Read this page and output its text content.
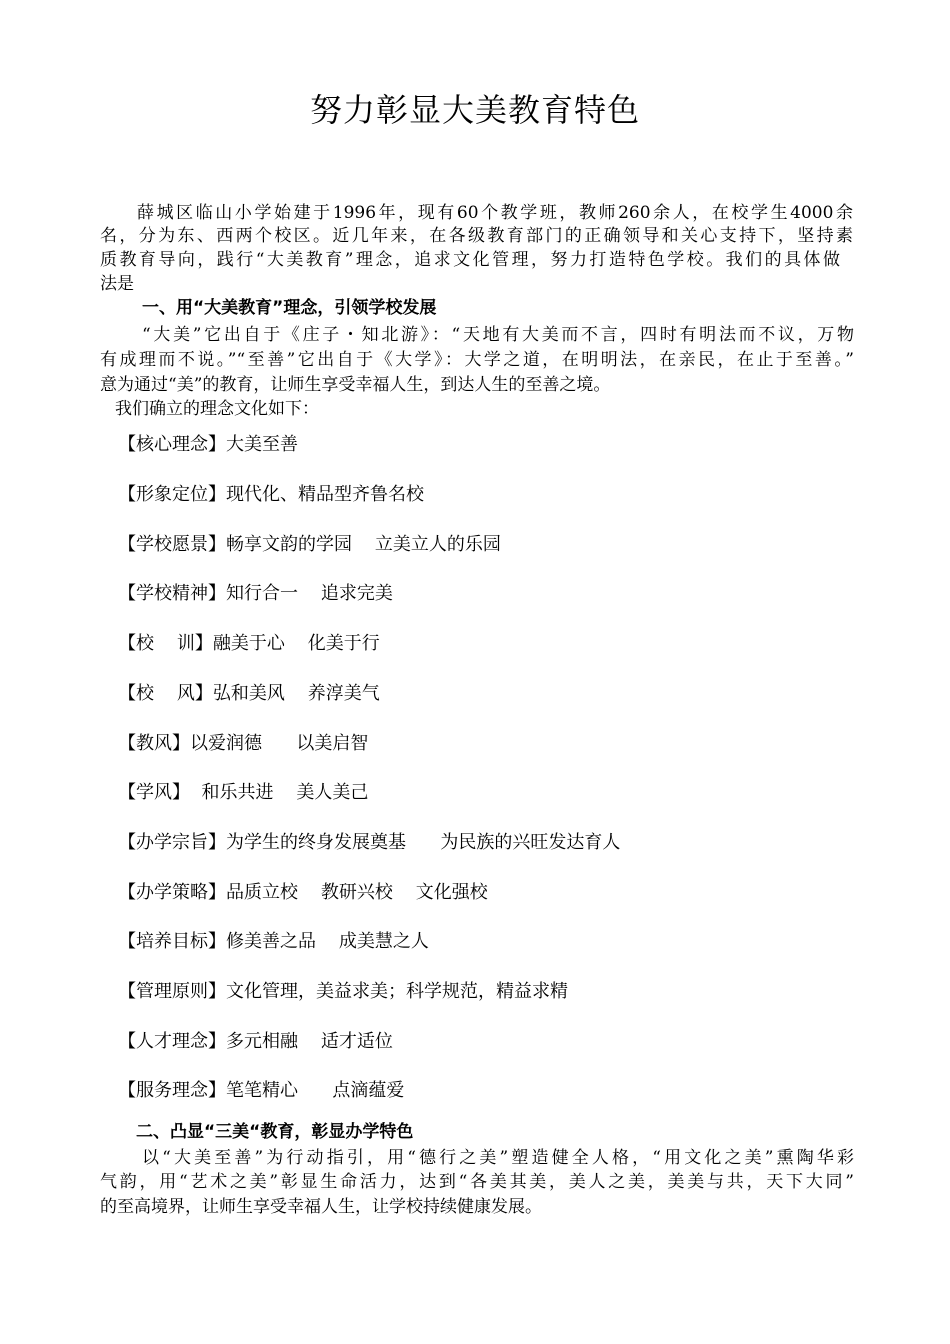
努力彰显大美教育特色
薛城区临山小学始建于1996年，现有60个教学班，教师260余人，在校学生4000余
名，分为东、西两个校区。近几年来，在各级教育部门的正确领导和关心支持下，坚持素
质教育导向，践行“大美教育”理念，追求文化管理，努力打造特色学校。我们的具体做
法是
一、用“大美教育”理念，引领学校发展
“大美”它出自于《庄子・知北游》：“天地有大美而不言，四时有明法而不议，万物
有成理而不说。”“至善”它出自于《大学》：大学之道，在明明法，在亲民，在止于至善。”
意为通过“美”的教育，让师生享受幸福人生，到达人生的至善之境。
我们确立的理念文化如下：
【核心理念】大美至善
【形象定位】现代化、精品型齐鲁名校
【学校愿景】畅享文韵的学园    立美立人的乐园
【学校精神】知行合一    追求完美
【校    训】融美于心    化美于行
【校    风】弘和美风    养淳美气
【教风】以爱润德      以美启智
【学风】  和乐共进    美人美己
【办学宗旨】为学生的终身发展奠基      为民族的兴旺发达育人
【办学策略】品质立校    教研兴校    文化强校
【培养目标】修美善之品    成美慧之人
【管理原则】文化管理，美益求美；科学规范，精益求精
【人才理念】多元相融    适才适位
【服务理念】笔笔精心      点滴蕴爱
二、凸显“三美“教育，彰显办学特色
以“大美至善”为行动指引，用“德行之美”塑造健全人格，“用文化之美”熏陶华彩
气韵，用“艺术之美”彰显生命活力，达到“各美其美，美人之美，美美与共，天下大同”
的至高境界，让师生享受幸福人生，让学校持续健康发展。
